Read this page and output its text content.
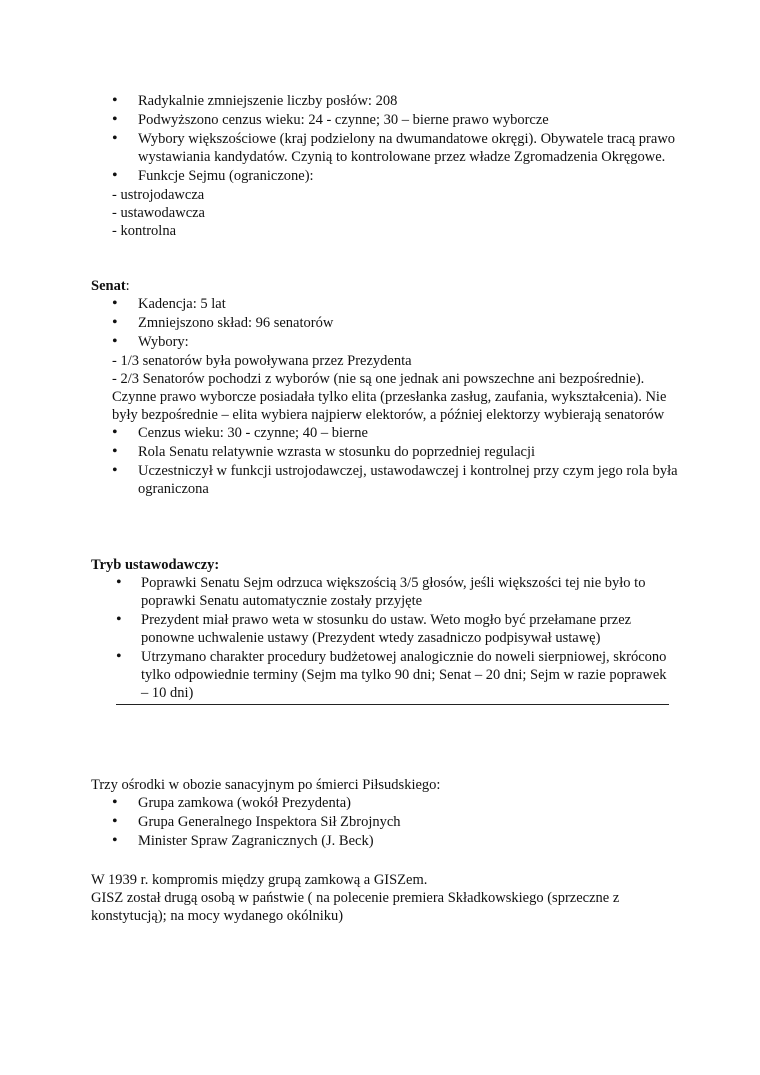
• Radykalnie zmniejszenie liczby posłów: 208
• Podwyższono cenzus wieku: 24 - czynne; 30 – bierne prawo wyborcze
• Wybory większościowe (kraj podzielony na dwumandatowe okręgi). Obywatele tracą prawo wystawiania kandydatów. Czynią to kontrolowane przez władze Zgromadzenia Okręgowe.
• Funkcje Sejmu (ograniczone):
- ustrojodawcza
- ustawodawcza
- kontrolna
Senat:
• Kadencja: 5 lat
• Zmniejszono skład: 96 senatorów
• Wybory:
- 1/3 senatorów była powoływana przez Prezydenta
- 2/3 Senatorów pochodzi z wyborów (nie są one jednak ani powszechne ani bezpośrednie). Czynne prawo wyborcze posiadała tylko elita (przesłanka zasług, zaufania, wykształcenia). Nie były bezpośrednie – elita wybiera najpierw elektorów, a później elektorzy wybierają senatorów
• Cenzus wieku: 30 - czynne; 40 – bierne
• Rola Senatu relatywnie wzrasta w stosunku do poprzedniej regulacji
• Uczestniczył w funkcji ustrojodawczej, ustawodawczej i kontrolnej przy czym jego rola była ograniczona
Tryb ustawodawczy:
• Poprawki Senatu Sejm odrzuca większością 3/5 głosów, jeśli większości tej nie było to poprawki Senatu automatycznie zostały przyjęte
• Prezydent miał prawo weta w stosunku do ustaw. Weto mogło być przełamane przez ponowne uchwalenie ustawy (Prezydent wtedy zasadniczo podpisywał ustawę)
• Utrzymano charakter procedury budżetowej analogicznie do noweli sierpniowej, skrócono tylko odpowiednie terminy (Sejm ma tylko 90 dni; Senat – 20 dni; Sejm w razie poprawek – 10 dni)
Trzy ośrodki w obozie sanacyjnym po śmierci Piłsudskiego:
• Grupa zamkowa (wokół Prezydenta)
• Grupa Generalnego Inspektora Sił Zbrojnych
• Minister Spraw Zagranicznych (J. Beck)
W 1939 r. kompromis między grupą zamkową a GISZem.
GISZ został drugą osobą w państwie ( na polecenie premiera Składkowskiego (sprzeczne z konstytucją); na mocy wydanego okólniku)
